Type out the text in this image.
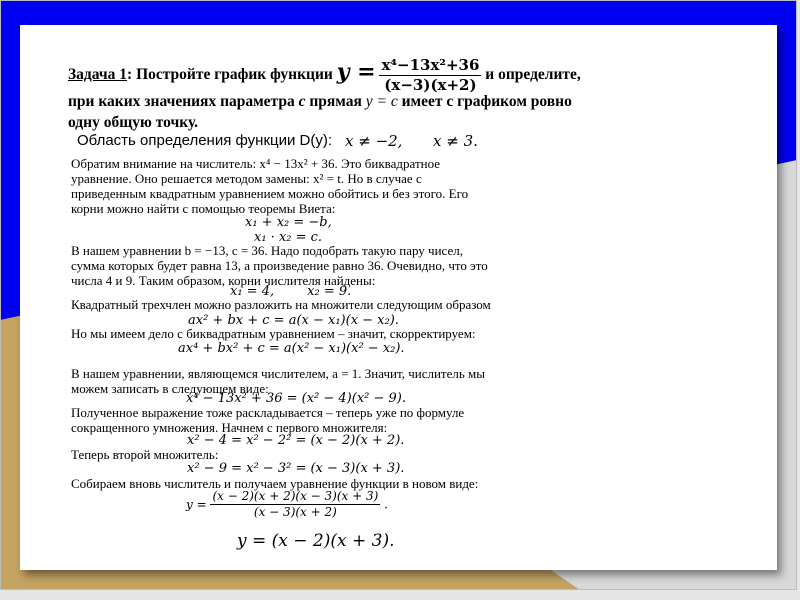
Задача 1: Постройте график функции $y = \frac{\text{x⁴−13x²+36}}{(x-3)(x+2)}$ и определите,
при каких значениях параметра c прямая y = c имеет с графиком ровно
одну общую точку.
Область определения функции D(y): x ≠ −2, x ≠ 3.
Обратим внимание на числитель: x⁴ − 13x² + 36. Это биквадратное
уравнение. Оно решается методом замены: x² = t. Но в случае с
приведенным квадратным уравнением можно обойтись и без этого. Его
корни можно найти с помощью теоремы Виета:
x₁ + x₂ = −b,
x₁ · x₂ = c.
В нашем уравнении b = −13, c = 36. Надо подобрать такую пару чисел,
сумма которых будет равна 13, а произведение равно 36. Очевидно, что это
числа 4 и 9. Таким образом, корни числителя найдены:
x₁ = 4,        x₂ = 9.
Квадратный трехчлен можно разложить на множители следующим образом
ax² + bx + c = a(x − x₁)(x − x₂).
Но мы имеем дело с биквадратным уравнением – значит, скорректируем:
ax⁴ + bx² + c = a(x² − x₁)(x² − x₂).
В нашем уравнении, являющемся числителем, a = 1. Значит, числитель мы
можем записать в следующем виде:
x⁴ − 13x² + 36 = (x² − 4)(x² − 9).
Полученное выражение тоже раскладывается – теперь уже по формуле
сокращенного умножения. Начнем с первого множителя:
x² − 4 = x² − 2² = (x − 2)(x + 2).
Теперь второй множитель:
x² − 9 = x² − 3² = (x − 3)(x + 3).
Собираем вновь числитель и получаем уравнение функции в новом виде:
$y = \frac{(x - 2)(x + 2)(x - 3)(x + 3)}{(x - 3)(x + 2)}$ .
y = (x − 2)(x + 3).
